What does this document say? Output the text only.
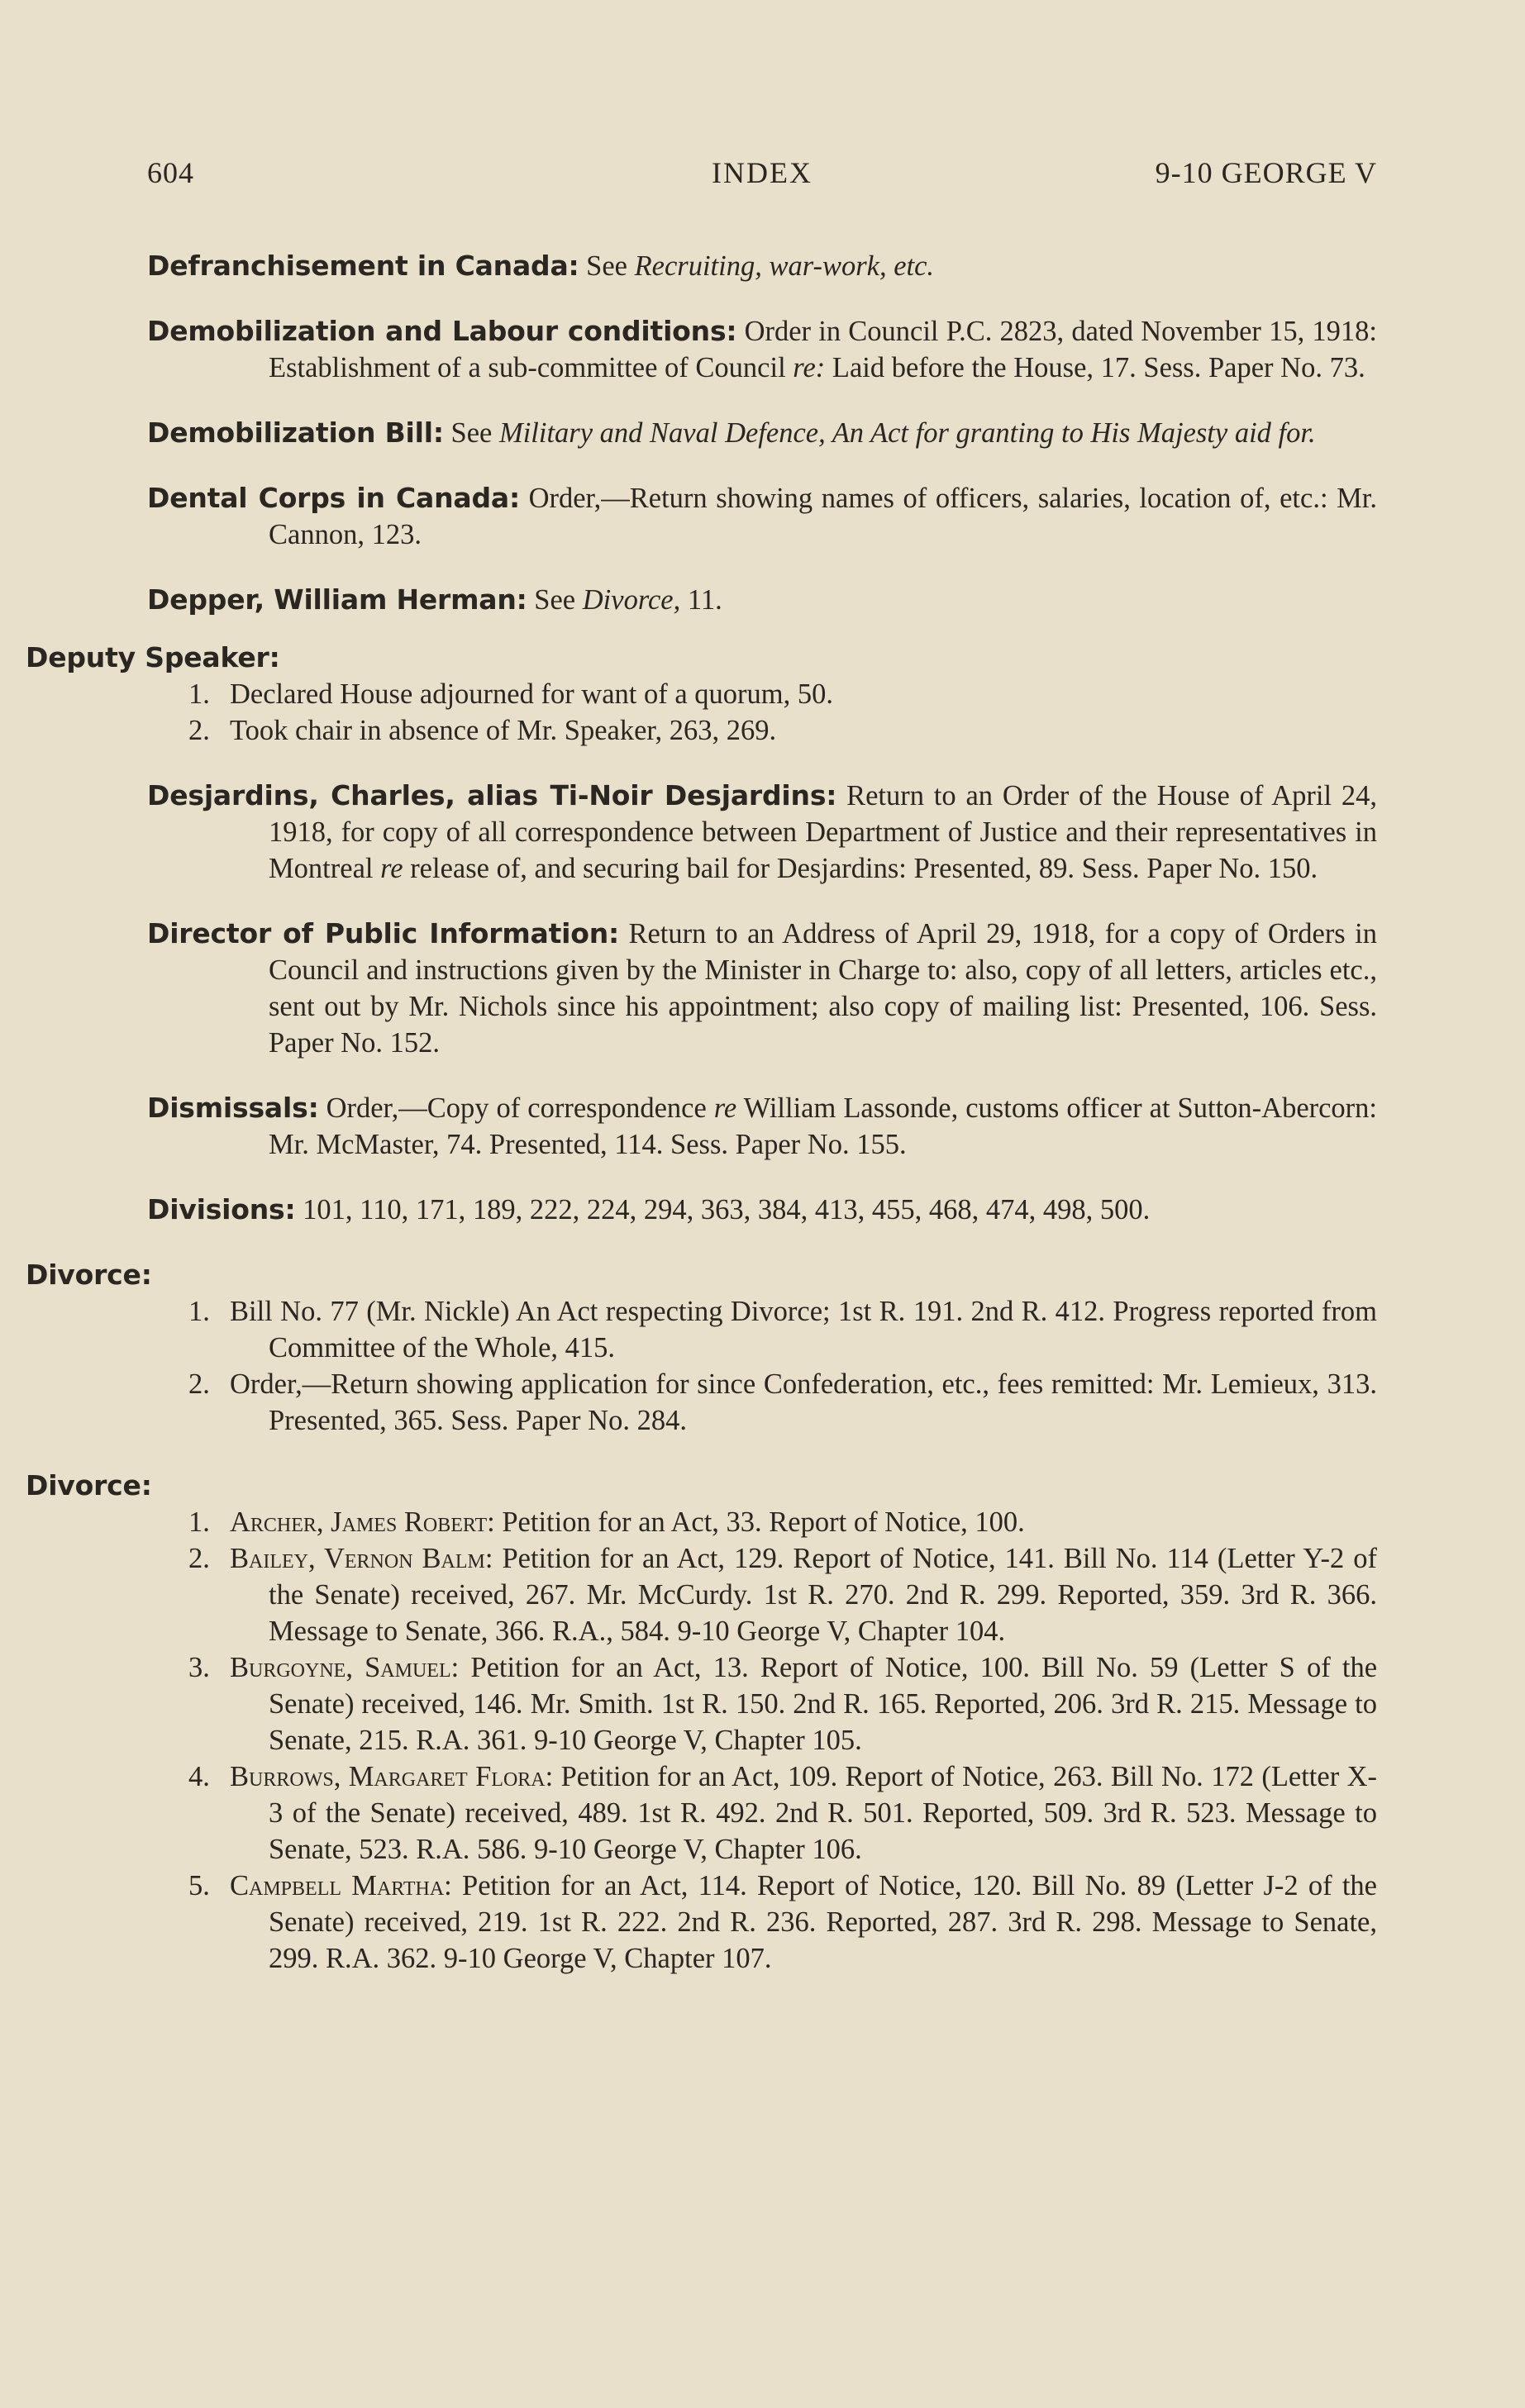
604	INDEX	9-10 GEORGE V

Defranchisement in Canada: See Recruiting, war-work, etc.

Demobilization and Labour conditions: Order in Council P.C. 2823, dated November 15, 1918: Establishment of a sub-committee of Council re: Laid before the House, 17. Sess. Paper No. 73.

Demobilization Bill: See Military and Naval Defence, An Act for granting to His Majesty aid for.

Dental Corps in Canada: Order,—Return showing names of officers, salaries, location of, etc.: Mr. Cannon, 123.

Depper, William Herman: See Divorce, 11.

Deputy Speaker:

1. Declared House adjourned for want of a quorum, 50.
2. Took chair in absence of Mr. Speaker, 263, 269.

Desjardins, Charles, alias Ti-Noir Desjardins: Return to an Order of the House of April 24, 1918, for copy of all correspondence between Department of Justice and their representatives in Montreal re release of, and securing bail for Desjardins: Presented, 89. Sess. Paper No. 150.

Director of Public Information: Return to an Address of April 29, 1918, for a copy of Orders in Council and instructions given by the Minister in Charge to: also, copy of all letters, articles etc., sent out by Mr. Nichols since his appointment; also copy of mailing list: Presented, 106. Sess. Paper No. 152.

Dismissals: Order,—Copy of correspondence re William Lassonde, customs officer at Sutton-Abercorn: Mr. McMaster, 74. Presented, 114. Sess. Paper No. 155.

Divisions: 101, 110, 171, 189, 222, 224, 294, 363, 384, 413, 455, 468, 474, 498, 500.

Divorce:

1. Bill No. 77 (Mr. Nickle) An Act respecting Divorce; 1st R. 191. 2nd R. 412. Progress reported from Committee of the Whole, 415.
2. Order,—Return showing application for since Confederation, etc., fees remitted: Mr. Lemieux, 313. Presented, 365. Sess. Paper No. 284.

Divorce:

1. Archer, James Robert: Petition for an Act, 33. Report of Notice, 100.
2. Bailey, Vernon Balm: Petition for an Act, 129. Report of Notice, 141. Bill No. 114 (Letter Y-2 of the Senate) received, 267. Mr. McCurdy. 1st R. 270. 2nd R. 299. Reported, 359. 3rd R. 366. Message to Senate, 366. R.A., 584. 9-10 George V, Chapter 104.
3. Burgoyne, Samuel: Petition for an Act, 13. Report of Notice, 100. Bill No. 59 (Letter S of the Senate) received, 146. Mr. Smith. 1st R. 150. 2nd R. 165. Reported, 206. 3rd R. 215. Message to Senate, 215. R.A. 361. 9-10 George V, Chapter 105.
4. Burrows, Margaret Flora: Petition for an Act, 109. Report of Notice, 263. Bill No. 172 (Letter X-3 of the Senate) received, 489. 1st R. 492. 2nd R. 501. Reported, 509. 3rd R. 523. Message to Senate, 523. R.A. 586. 9-10 George V, Chapter 106.
5. Campbell Martha: Petition for an Act, 114. Report of Notice, 120. Bill No. 89 (Letter J-2 of the Senate) received, 219. 1st R. 222. 2nd R. 236. Reported, 287. 3rd R. 298. Message to Senate, 299. R.A. 362. 9-10 George V, Chapter 107.
